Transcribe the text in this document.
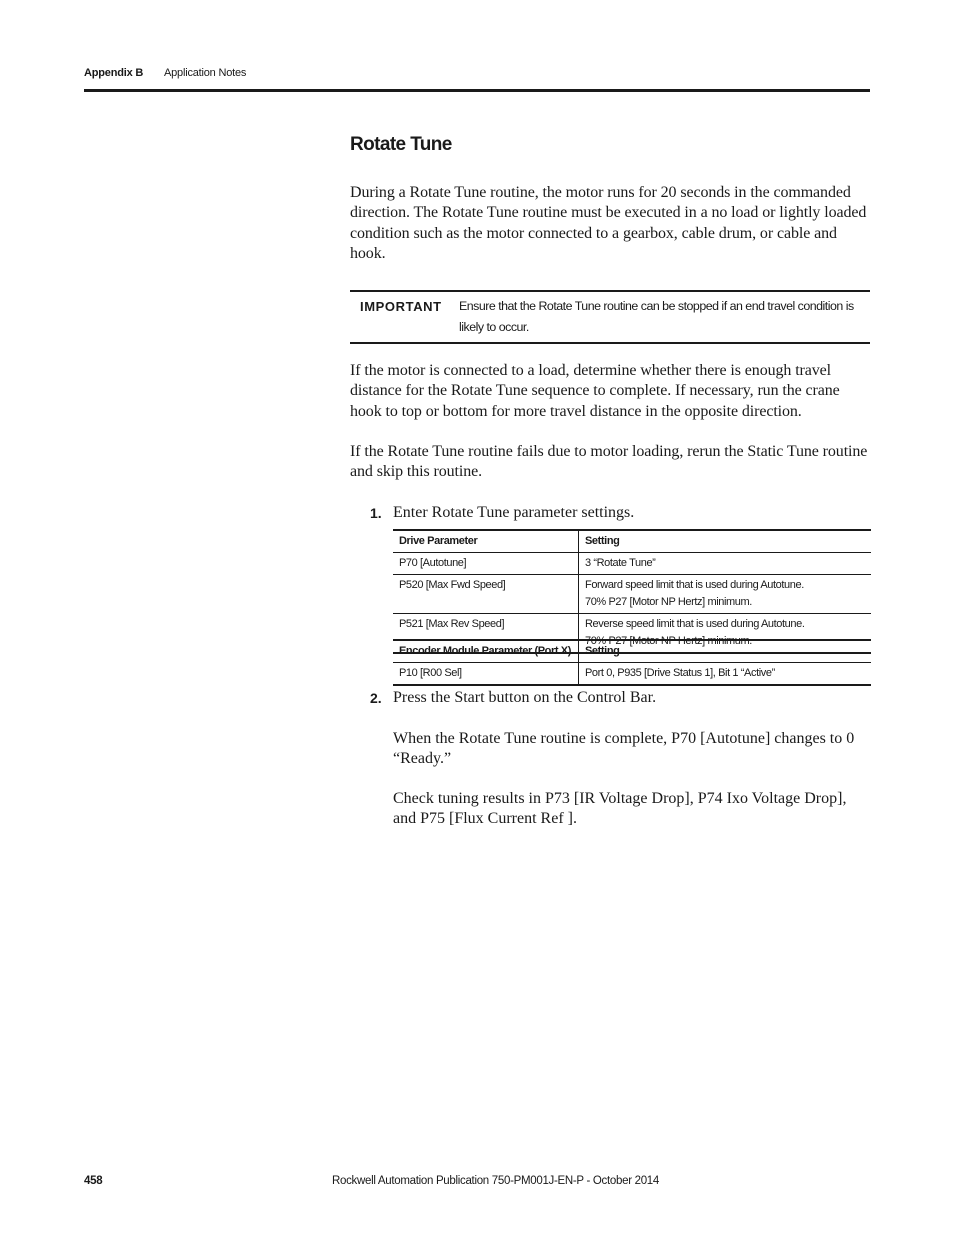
Appendix B Application Notes
Rotate Tune

During a Rotate Tune routine, the motor runs for 20 seconds in the commanded direction. The Rotate Tune routine must be executed in a no load or lightly loaded condition such as the motor connected to a gearbox, cable drum, or cable and hook.

IMPORTANT Ensure that the Rotate Tune routine can be stopped if an end travel condition is likely to occur.

If the motor is connected to a load, determine whether there is enough travel distance for the Rotate Tune sequence to complete. If necessary, run the crane hook to top or bottom for more travel distance in the opposite direction.

If the Rotate Tune routine fails due to motor loading, rerun the Static Tune routine and skip this routine.

1. Enter Rotate Tune parameter settings.
Drive Parameter	Setting
P70 [Autotune]	3 “Rotate Tune”
P520 [Max Fwd Speed]	Forward speed limit that is used during Autotune.
70% P27 [Motor NP Hertz] minimum.
P521 [Max Rev Speed]	Reverse speed limit that is used during Autotune.
70% P27 [Motor NP Hertz] minimum.
Encoder Module Parameter (Port X)	Setting
P10 [R00 Sel]	Port 0, P935 [Drive Status 1], Bit 1 “Active”
2. Press the Start button on the Control Bar.

When the Rotate Tune routine is complete, P70 [Autotune] changes to 0 “Ready.”

Check tuning results in P73 [IR Voltage Drop], P74 Ixo Voltage Drop], and P75 [Flux Current Ref ].

458	Rockwell Automation Publication 750-PM001J-EN-P - October 2014
